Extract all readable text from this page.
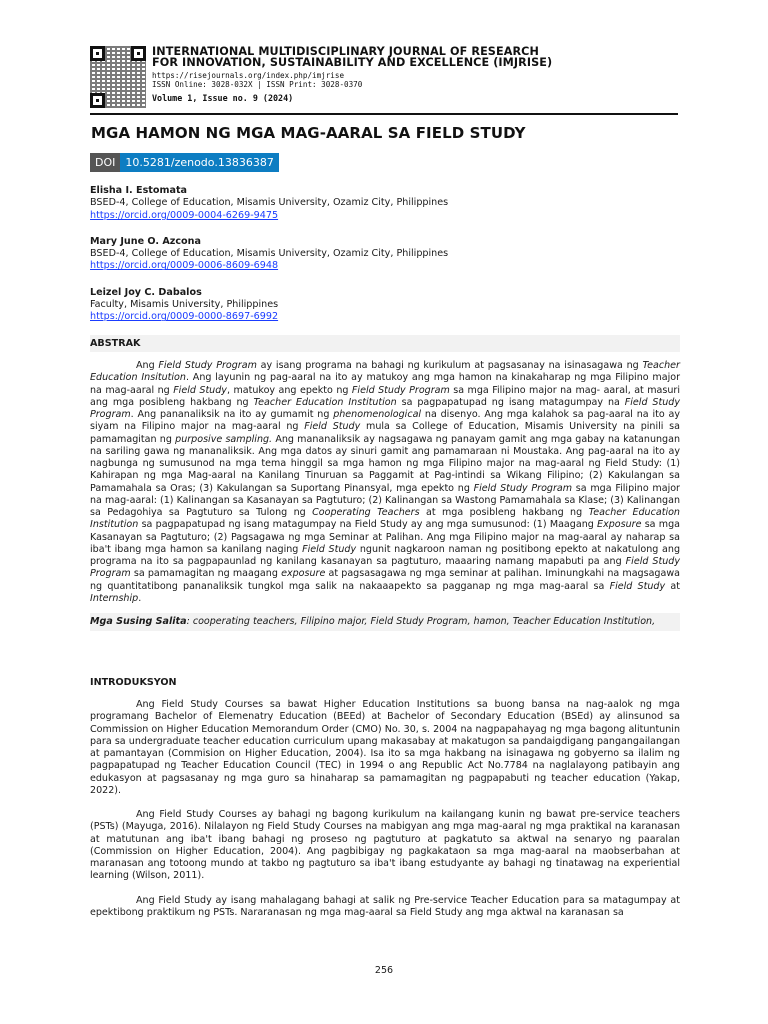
INTERNATIONAL MULTIDISCIPLINARY JOURNAL OF RESEARCH
FOR INNOVATION, SUSTAINABILITY AND EXCELLENCE (IMJRISE)
https://risejournals.org/index.php/imjrise
ISSN Online: 3028-032X | ISSN Print: 3028-0370
Volume 1, Issue no. 9 (2024)
MGA HAMON NG MGA MAG-AARAL SA FIELD STUDY
DOI 10.5281/zenodo.13836387
Elisha I. Estomata
BSED-4, College of Education, Misamis University, Ozamiz City, Philippines
https://orcid.org/0009-0004-6269-9475
Mary June O. Azcona
BSED-4, College of Education, Misamis University, Ozamiz City, Philippines
https://orcid.org/0009-0006-8609-6948
Leizel Joy C. Dabalos
Faculty, Misamis University, Philippines
https://orcid.org/0009-0000-8697-6992
ABSTRAK

Ang Field Study Program ay isang programa na bahagi ng kurikulum at pagsasanay na isinasagawa ng Teacher Education Insitution. Ang layunin ng pag-aaral na ito ay matukoy ang mga hamon na kinakaharap ng mga Filipino major na mag-aaral ng Field Study, matukoy ang epekto ng Field Study Program sa mga Filipino major na mag- aaral, at masuri ang mga posibleng hakbang ng Teacher Education Institution sa pagpapatupad ng isang matagumpay na Field Study Program. Ang pananaliksik na ito ay gumamit ng phenomenological na disenyo. Ang mga kalahok sa pag-aaral na ito ay siyam na Filipino major na mag-aaral ng Field Study mula sa College of Education, Misamis University na pinili sa pamamagitan ng purposive sampling. Ang mananaliksik ay nagsagawa ng panayam gamit ang mga gabay na katanungan na sariling gawa ng mananaliksik. Ang mga datos ay sinuri gamit ang pamamaraan ni Moustaka. Ang pag-aaral na ito ay nagbunga ng sumusunod na mga tema hinggil sa mga hamon ng mga Filipino major na mag-aaral ng Field Study: (1) Kahirapan ng mga Mag-aaral na Kanilang Tinuruan sa Paggamit at Pag-intindi sa Wikang Filipino; (2) Kakulangan sa Pamamahala sa Oras; (3) Kakulangan sa Suportang Pinansyal, mga epekto ng Field Study Program sa mga Filipino major na mag-aaral: (1) Kalinangan sa Kasanayan sa Pagtuturo; (2) Kalinangan sa Wastong Pamamahala sa Klase; (3) Kalinangan sa Pedagohiya sa Pagtuturo sa Tulong ng Cooperating Teachers at mga posibleng hakbang ng Teacher Education Institution sa pagpapatupad ng isang matagumpay na Field Study ay ang mga sumusunod: (1) Maagang Exposure sa mga Kasanayan sa Pagtuturo; (2) Pagsagawa ng mga Seminar at Palihan. Ang mga Filipino major na mag-aaral ay naharap sa iba't ibang mga hamon sa kanilang naging Field Study ngunit nagkaroon naman ng positibong epekto at nakatulong ang programa na ito sa pagpapaunlad ng kanilang kasanayan sa pagtuturo, maaaring namang mapabuti pa ang Field Study Program sa pamamagitan ng maagang exposure at pagsasagawa ng mga seminar at palihan. Iminungkahi na magsagawa ng quantitatibong pananaliksik tungkol mga salik na nakaaapekto sa pagganap ng mga mag-aaral sa Field Study at Internship.

Mga Susing Salita: cooperating teachers, Filipino major, Field Study Program, hamon, Teacher Education Institution,
INTRODUKSYON

Ang Field Study Courses sa bawat Higher Education Institutions sa buong bansa na nag-aalok ng mga programang Bachelor of Elemenatry Education (BEEd) at Bachelor of Secondary Education (BSEd) ay alinsunod sa Commission on Higher Education Memorandum Order (CMO) No. 30, s. 2004 na nagpapahayag ng mga bagong alituntunin para sa undergraduate teacher education curriculum upang makasabay at makatugon sa pandaigdigang pangangailangan at pamantayan (Commision on Higher Education, 2004). Isa ito sa mga hakbang na isinagawa ng gobyerno sa ilalim ng pagpapatupad ng Teacher Education Council (TEC) in 1994 o ang Republic Act No.7784 na naglalayong patibayin ang edukasyon at pagsasanay ng mga guro sa hinaharap sa pamamagitan ng pagpapabuti ng teacher education (Yakap, 2022).

Ang Field Study Courses ay bahagi ng bagong kurikulum na kailangang kunin ng bawat pre-service teachers (PSTs) (Mayuga, 2016). Nilalayon ng Field Study Courses na mabigyan ang mga mag-aaral ng mga praktikal na karanasan at matutunan ang iba't ibang bahagi ng proseso ng pagtuturo at pagkatuto sa aktwal na senaryo ng paaralan (Commission on Higher Education, 2004). Ang pagbibigay ng pagkakataon sa mga mag-aaral na maobserbahan at maranasan ang totoong mundo at takbo ng pagtuturo sa iba't ibang estudyante ay bahagi ng tinatawag na experiential learning (Wilson, 2011).

Ang Field Study ay isang mahalagang bahagi at salik ng Pre-service Teacher Education para sa matagumpay at epektibong praktikum ng PSTs. Nararanasan ng mga mag-aaral sa Field Study ang mga aktwal na karanasan sa

256
